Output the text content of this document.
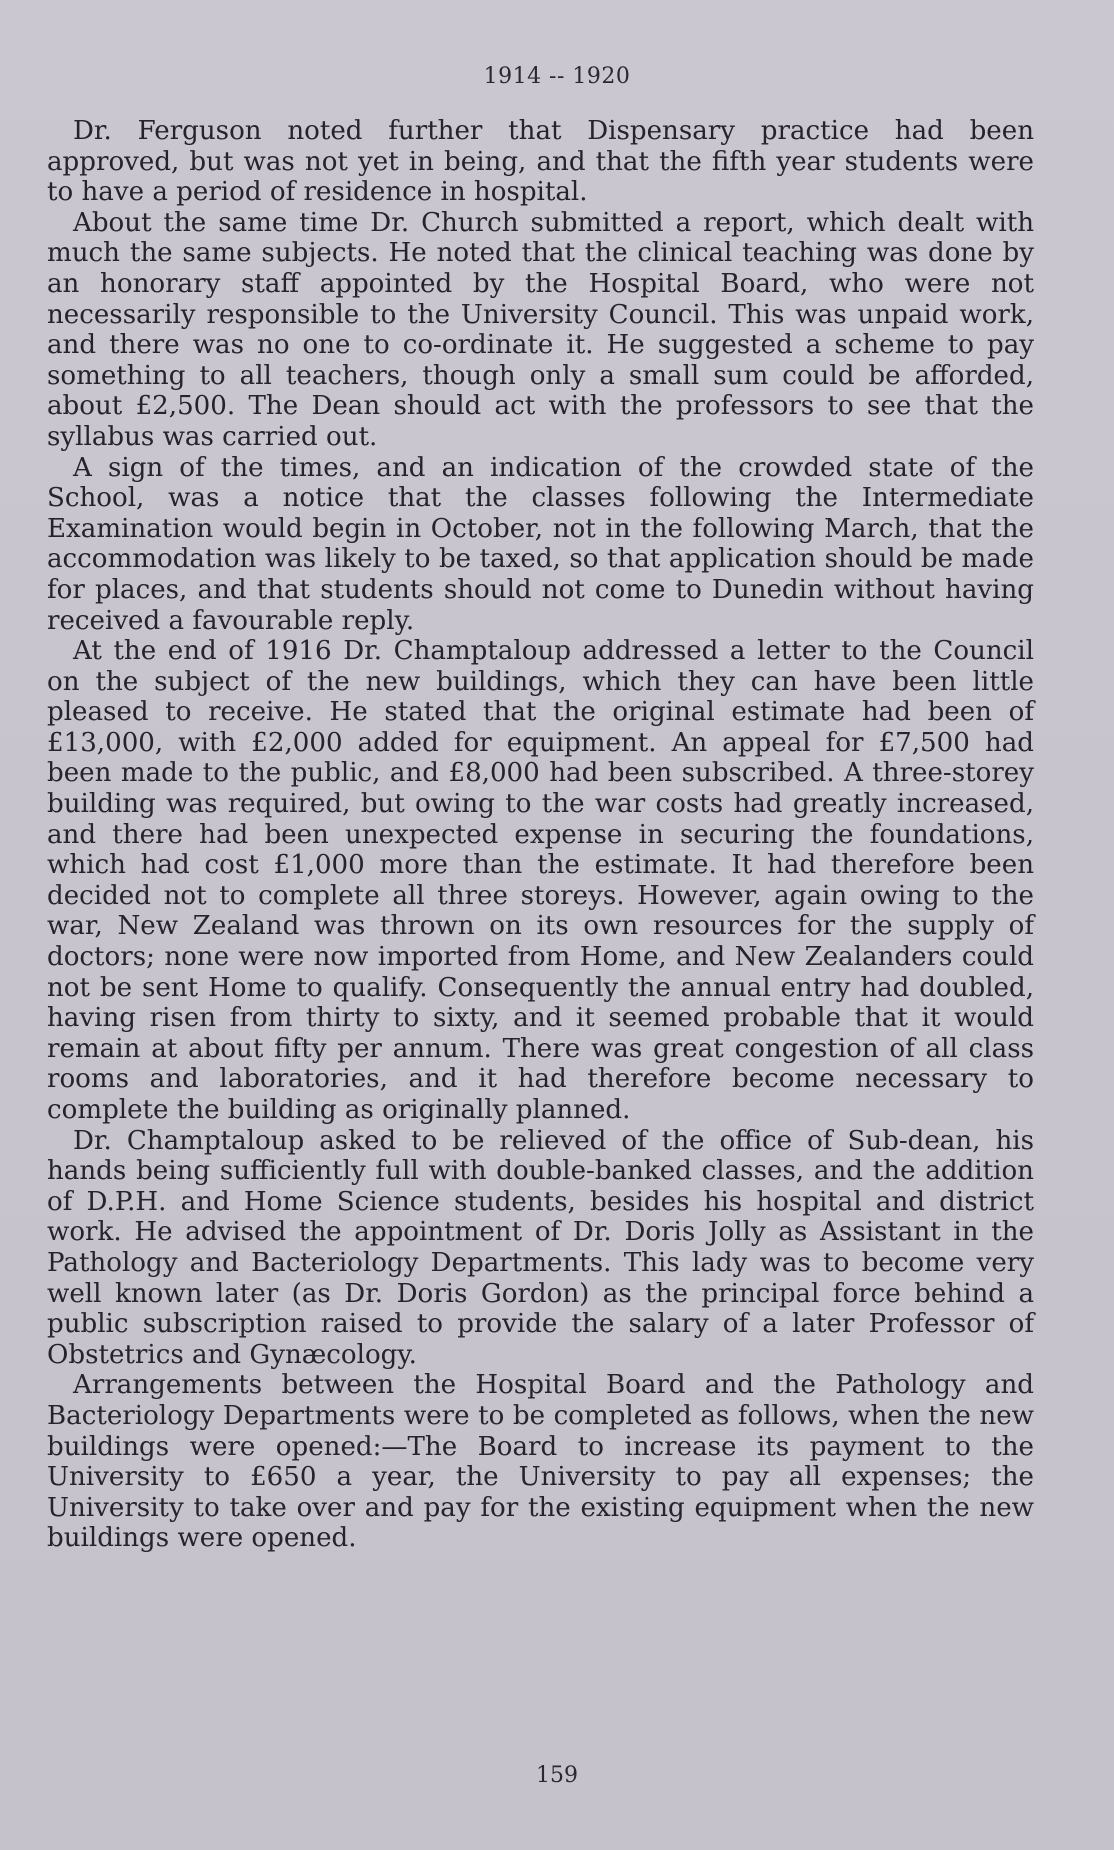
1914 -- 1920

Dr. Ferguson noted further that Dispensary practice had been approved, but was not yet in being, and that the fifth year students were to have a period of residence in hospital.

About the same time Dr. Church submitted a report, which dealt with much the same subjects. He noted that the clinical teaching was done by an honorary staff appointed by the Hospital Board, who were not necessarily responsible to the University Council. This was unpaid work, and there was no one to co-ordinate it. He suggested a scheme to pay something to all teachers, though only a small sum could be afforded, about £2,500. The Dean should act with the professors to see that the syllabus was carried out.

A sign of the times, and an indication of the crowded state of the School, was a notice that the classes following the Intermediate Examination would begin in October, not in the following March, that the accommodation was likely to be taxed, so that application should be made for places, and that students should not come to Dunedin without having received a favourable reply.

At the end of 1916 Dr. Champtaloup addressed a letter to the Council on the subject of the new buildings, which they can have been little pleased to receive. He stated that the original estimate had been of £13,000, with £2,000 added for equipment. An appeal for £7,500 had been made to the public, and £8,000 had been subscribed. A three-storey building was required, but owing to the war costs had greatly increased, and there had been unexpected expense in securing the foundations, which had cost £1,000 more than the estimate. It had therefore been decided not to complete all three storeys. However, again owing to the war, New Zealand was thrown on its own resources for the supply of doctors; none were now imported from Home, and New Zealanders could not be sent Home to qualify. Consequently the annual entry had doubled, having risen from thirty to sixty, and it seemed probable that it would remain at about fifty per annum. There was great congestion of all class rooms and laboratories, and it had therefore become necessary to complete the building as originally planned.

Dr. Champtaloup asked to be relieved of the office of Sub-dean, his hands being sufficiently full with double-banked classes, and the addition of D.P.H. and Home Science students, besides his hospital and district work. He advised the appointment of Dr. Doris Jolly as Assistant in the Pathology and Bacteriology Departments. This lady was to become very well known later (as Dr. Doris Gordon) as the principal force behind a public subscription raised to provide the salary of a later Professor of Obstetrics and Gynæcology.

Arrangements between the Hospital Board and the Pathology and Bacteriology Departments were to be completed as follows, when the new buildings were opened:—The Board to increase its payment to the University to £650 a year, the University to pay all expenses; the University to take over and pay for the existing equipment when the new buildings were opened.

159
